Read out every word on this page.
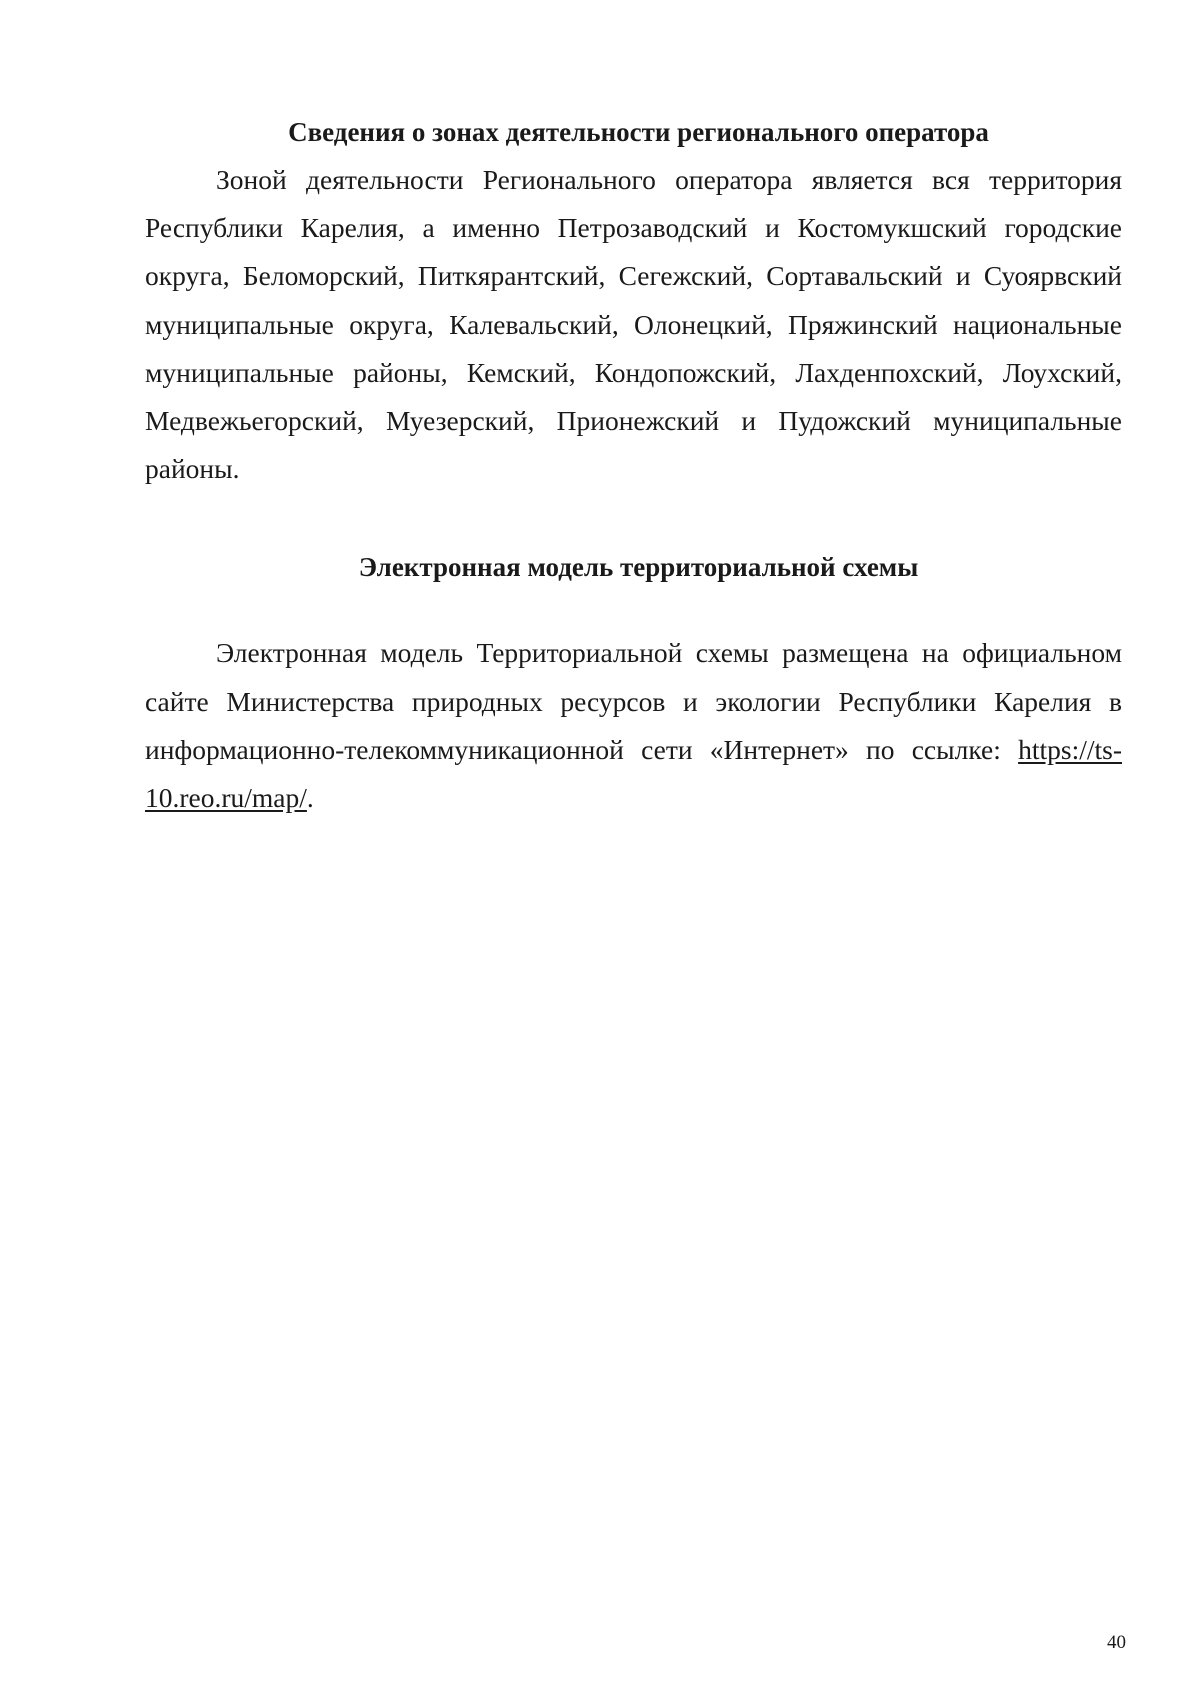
Сведения о зонах деятельности регионального оператора

Зоной деятельности Регионального оператора является вся территория Республики Карелия, а именно Петрозаводский и Костомукшский городские округа, Беломорский, Питкярантский, Сегежский, Сортавальский и Суоярвский муниципальные округа, Калевальский, Олонецкий, Пряжинский национальные муниципальные районы, Кемский, Кондопожский, Лахденпохский, Лоухский, Медвежьегорский, Муезерский, Прионежский и Пудожский муниципальные районы.

Электронная модель территориальной схемы

Электронная модель Территориальной схемы размещена на официальном сайте Министерства природных ресурсов и экологии Республики Карелия в информационно-телекоммуникационной сети «Интернет» по ссылке: https://ts-10.reo.ru/map/.

40
